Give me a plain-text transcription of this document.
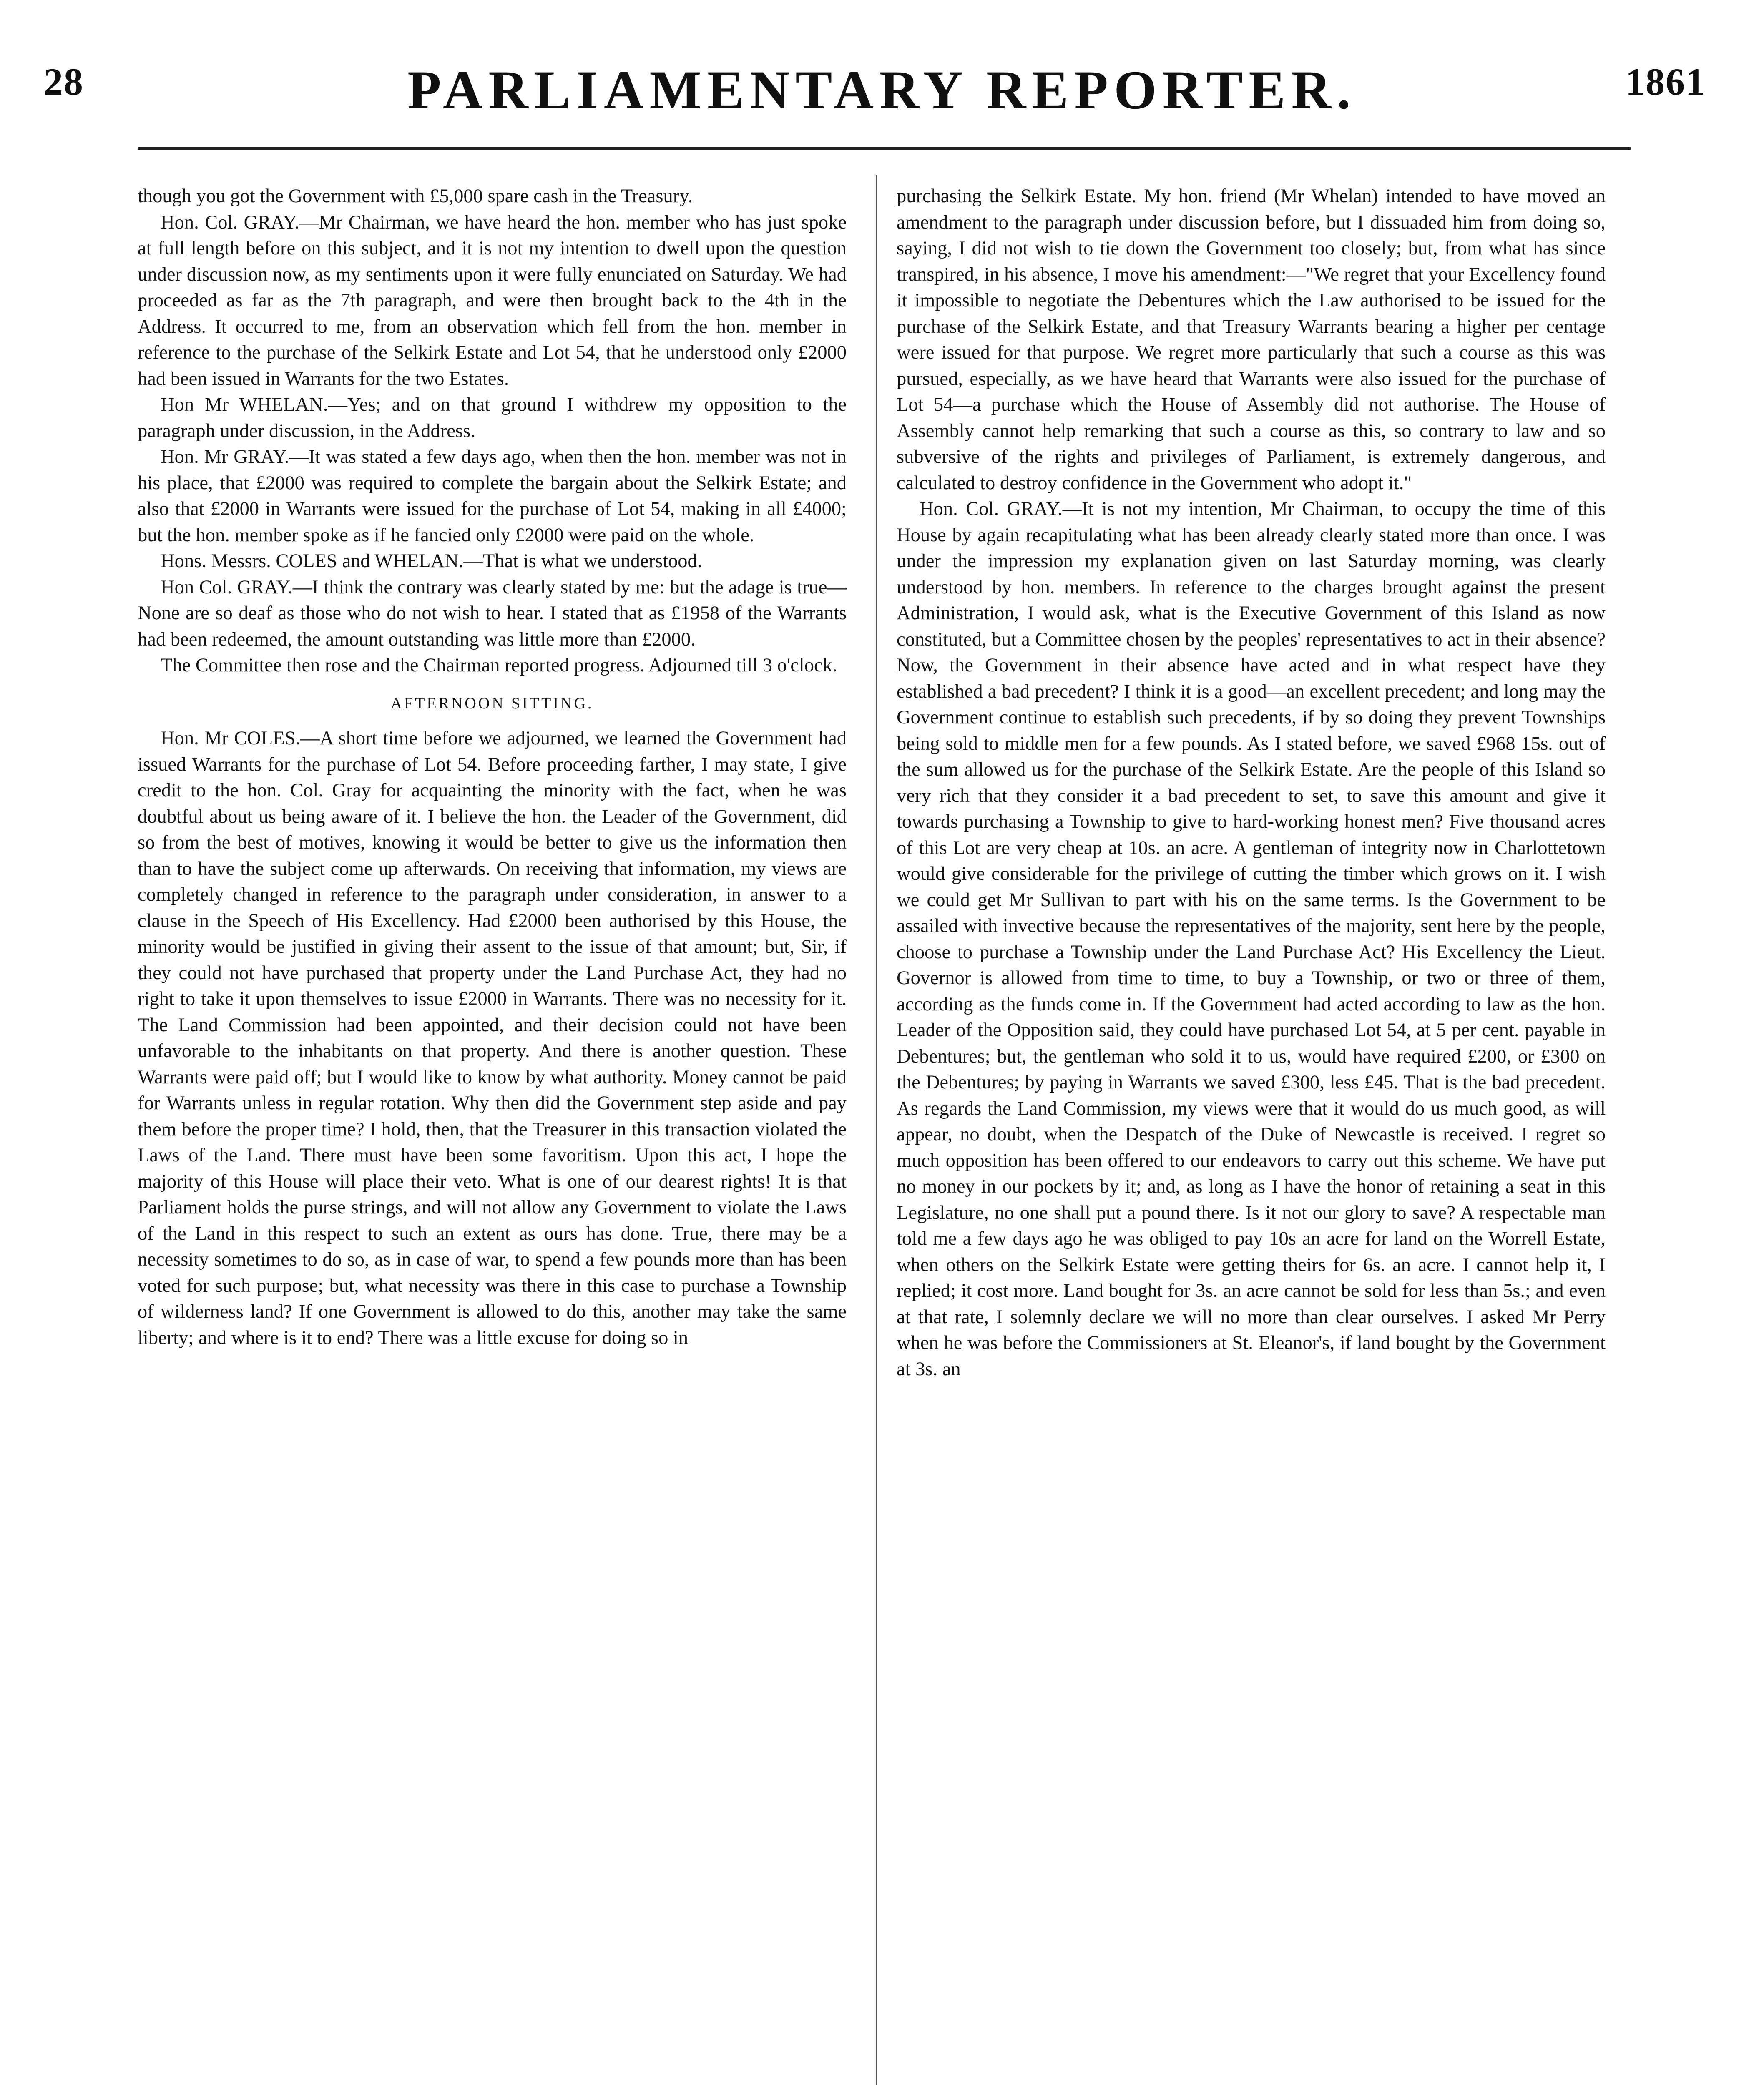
28	PARLIAMENTARY REPORTER.	1861

though you got the Government with £5,000 spare cash in the Treasury.

Hon. Col. GRAY.—Mr Chairman, we have heard the hon. member who has just spoke at full length before on this subject, and it is not my intention to dwell upon the question under discussion now, as my sentiments upon it were fully enunciated on Saturday. We had proceeded as far as the 7th paragraph, and were then brought back to the 4th in the Address. It occurred to me, from an observation which fell from the hon. member in reference to the purchase of the Selkirk Estate and Lot 54, that he understood only £2000 had been issued in Warrants for the two Estates.

Hon Mr WHELAN.—Yes; and on that ground I withdrew my opposition to the paragraph under discussion, in the Address.

Hon. Mr GRAY.—It was stated a few days ago, when then the hon. member was not in his place, that £2000 was required to complete the bargain about the Selkirk Estate; and also that £2000 in Warrants were issued for the purchase of Lot 54, making in all £4000; but the hon. member spoke as if he fancied only £2000 were paid on the whole.

Hons. Messrs. COLES and WHELAN.—That is what we understood.

Hon Col. GRAY.—I think the contrary was clearly stated by me: but the adage is true—None are so deaf as those who do not wish to hear. I stated that as £1958 of the Warrants had been redeemed, the amount outstanding was little more than £2000.

The Committee then rose and the Chairman reported progress. Adjourned till 3 o'clock.

AFTERNOON SITTING.

Hon. Mr COLES.—A short time before we adjourned, we learned the Government had issued Warrants for the purchase of Lot 54. Before proceeding farther, I may state, I give credit to the hon. Col. Gray for acquainting the minority with the fact, when he was doubtful about us being aware of it. I believe the hon. the Leader of the Government, did so from the best of motives, knowing it would be better to give us the information then than to have the subject come up afterwards. On receiving that information, my views are completely changed in reference to the paragraph under consideration, in answer to a clause in the Speech of His Excellency. Had £2000 been authorised by this House, the minority would be justified in giving their assent to the issue of that amount; but, Sir, if they could not have purchased that property under the Land Purchase Act, they had no right to take it upon themselves to issue £2000 in Warrants. There was no necessity for it. The Land Commission had been appointed, and their decision could not have been unfavorable to the inhabitants on that property. And there is another question. These Warrants were paid off; but I would like to know by what authority. Money cannot be paid for Warrants unless in regular rotation. Why then did the Government step aside and pay them before the proper time? I hold, then, that the Treasurer in this transaction violated the Laws of the Land. There must have been some favoritism. Upon this act, I hope the majority of this House will place their veto. What is one of our dearest rights! It is that Parliament holds the purse strings, and will not allow any Government to violate the Laws of the Land in this respect to such an extent as ours has done. True, there may be a necessity sometimes to do so, as in case of war, to spend a few pounds more than has been voted for such purpose; but, what necessity was there in this case to purchase a Township of wilderness land? If one Government is allowed to do this, another may take the same liberty; and where is it to end? There was a little excuse for doing so in

purchasing the Selkirk Estate. My hon. friend (Mr Whelan) intended to have moved an amendment to the paragraph under discussion before, but I dissuaded him from doing so, saying, I did not wish to tie down the Government too closely; but, from what has since transpired, in his absence, I move his amendment:—"We regret that your Excellency found it impossible to negotiate the Debentures which the Law authorised to be issued for the purchase of the Selkirk Estate, and that Treasury Warrants bearing a higher per centage were issued for that purpose. We regret more particularly that such a course as this was pursued, especially, as we have heard that Warrants were also issued for the purchase of Lot 54—a purchase which the House of Assembly did not authorise. The House of Assembly cannot help remarking that such a course as this, so contrary to law and so subversive of the rights and privileges of Parliament, is extremely dangerous, and calculated to destroy confidence in the Government who adopt it."

Hon. Col. GRAY.—It is not my intention, Mr Chairman, to occupy the time of this House by again recapitulating what has been already clearly stated more than once. I was under the impression my explanation given on last Saturday morning, was clearly understood by hon. members. In reference to the charges brought against the present Administration, I would ask, what is the Executive Government of this Island as now constituted, but a Committee chosen by the peoples' representatives to act in their absence? Now, the Government in their absence have acted and in what respect have they established a bad precedent? I think it is a good—an excellent precedent; and long may the Government continue to establish such precedents, if by so doing they prevent Townships being sold to middle men for a few pounds. As I stated before, we saved £968 15s. out of the sum allowed us for the purchase of the Selkirk Estate. Are the people of this Island so very rich that they consider it a bad precedent to set, to save this amount and give it towards purchasing a Township to give to hard-working honest men? Five thousand acres of this Lot are very cheap at 10s. an acre. A gentleman of integrity now in Charlottetown would give considerable for the privilege of cutting the timber which grows on it. I wish we could get Mr Sullivan to part with his on the same terms. Is the Government to be assailed with invective because the representatives of the majority, sent here by the people, choose to purchase a Township under the Land Purchase Act? His Excellency the Lieut. Governor is allowed from time to time, to buy a Township, or two or three of them, according as the funds come in. If the Government had acted according to law as the hon. Leader of the Opposition said, they could have purchased Lot 54, at 5 per cent. payable in Debentures; but, the gentleman who sold it to us, would have required £200, or £300 on the Debentures; by paying in Warrants we saved £300, less £45. That is the bad precedent. As regards the Land Commission, my views were that it would do us much good, as will appear, no doubt, when the Despatch of the Duke of Newcastle is received. I regret so much opposition has been offered to our endeavors to carry out this scheme. We have put no money in our pockets by it; and, as long as I have the honor of retaining a seat in this Legislature, no one shall put a pound there. Is it not our glory to save? A respectable man told me a few days ago he was obliged to pay 10s an acre for land on the Worrell Estate, when others on the Selkirk Estate were getting theirs for 6s. an acre. I cannot help it, I replied; it cost more. Land bought for 3s. an acre cannot be sold for less than 5s.; and even at that rate, I solemnly declare we will no more than clear ourselves. I asked Mr Perry when he was before the Commissioners at St. Eleanor's, if land bought by the Government at 3s. an
